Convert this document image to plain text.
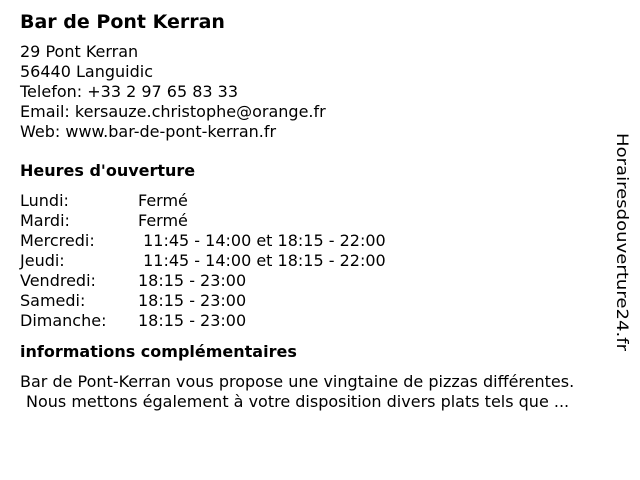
Bar de Pont Kerran
29 Pont Kerran
56440 Languidic
Telefon: +33 2 97 65 83 33
Email: kersauze.christophe@orange.fr
Web: www.bar-de-pont-kerran.fr
Heures d'ouverture
Lundi:	Fermé
Mardi:	Fermé
Mercredi:	11:45 - 14:00 et 18:15 - 22:00
Jeudi:	11:45 - 14:00 et 18:15 - 22:00
Vendredi:	18:15 - 23:00
Samedi:	18:15 - 23:00
Dimanche:	18:15 - 23:00
informations complémentaires
Bar de Pont-Kerran vous propose une vingtaine de pizzas différentes.
Nous mettons également à votre disposition divers plats tels que ...
Horairesdouverture24.fr
